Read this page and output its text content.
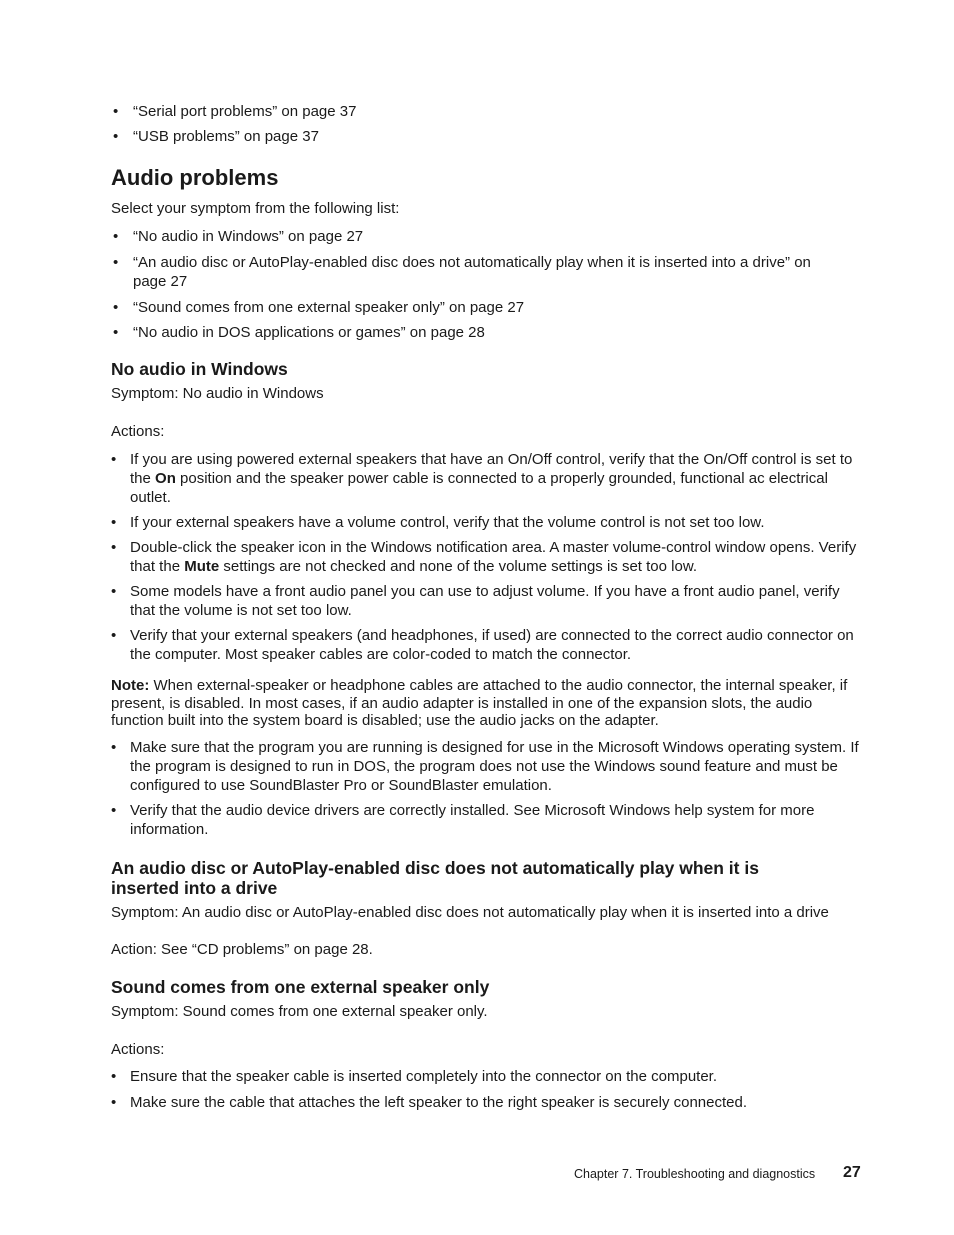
• “Serial port problems” on page 37
• “USB problems” on page 37
Audio problems

Select your symptom from the following list:

• “No audio in Windows” on page 27
• “An audio disc or AutoPlay-enabled disc does not automatically play when it is inserted into a drive” on page 27
• “Sound comes from one external speaker only” on page 27
• “No audio in DOS applications or games” on page 28
No audio in Windows

Symptom: No audio in Windows

Actions:

• If you are using powered external speakers that have an On/Off control, verify that the On/Off control is set to the On position and the speaker power cable is connected to a properly grounded, functional ac electrical outlet.
• If your external speakers have a volume control, verify that the volume control is not set too low.
• Double-click the speaker icon in the Windows notification area. A master volume-control window opens. Verify that the Mute settings are not checked and none of the volume settings is set too low.
• Some models have a front audio panel you can use to adjust volume. If you have a front audio panel, verify that the volume is not set too low.
• Verify that your external speakers (and headphones, if used) are connected to the correct audio connector on the computer. Most speaker cables are color-coded to match the connector.

Note: When external-speaker or headphone cables are attached to the audio connector, the internal speaker, if present, is disabled. In most cases, if an audio adapter is installed in one of the expansion slots, the audio function built into the system board is disabled; use the audio jacks on the adapter.

• Make sure that the program you are running is designed for use in the Microsoft Windows operating system. If the program is designed to run in DOS, the program does not use the Windows sound feature and must be configured to use SoundBlaster Pro or SoundBlaster emulation.
• Verify that the audio device drivers are correctly installed. See Microsoft Windows help system for more information.
An audio disc or AutoPlay-enabled disc does not automatically play when it is inserted into a drive

Symptom: An audio disc or AutoPlay-enabled disc does not automatically play when it is inserted into a drive

Action: See “CD problems” on page 28.

Sound comes from one external speaker only

Symptom: Sound comes from one external speaker only.

Actions:

• Ensure that the speaker cable is inserted completely into the connector on the computer.
• Make sure the cable that attaches the left speaker to the right speaker is securely connected.
Chapter 7. Troubleshooting and diagnostics 27
